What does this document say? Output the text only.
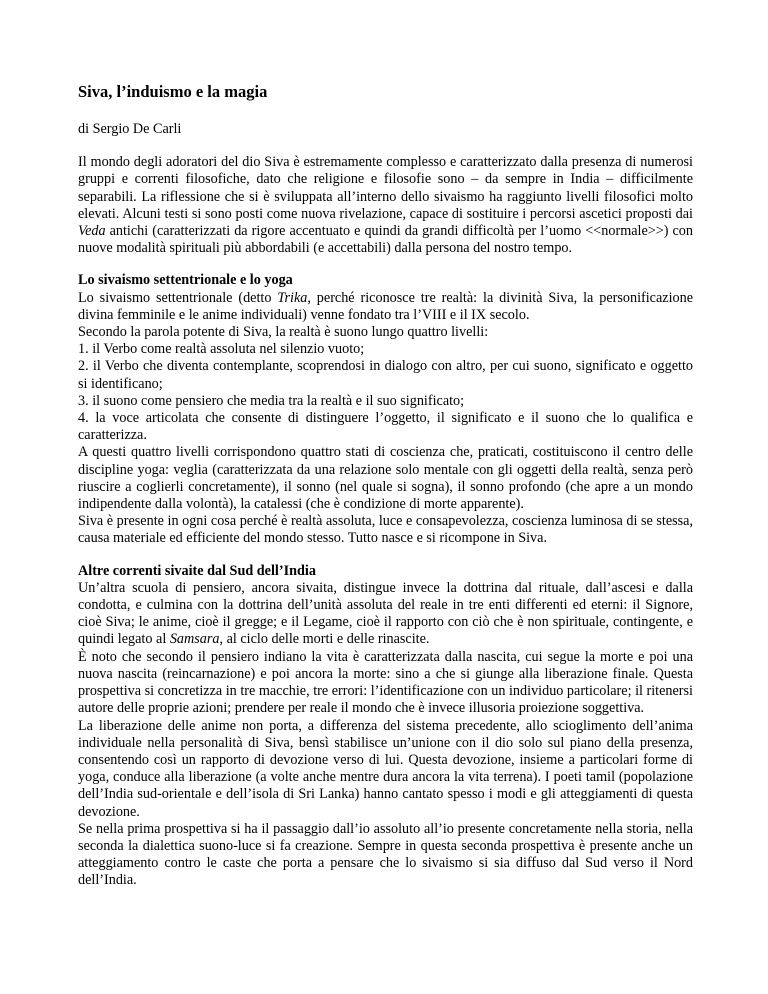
Siva, l’induismo e la magia
di Sergio De Carli

Il mondo degli adoratori del dio Siva è estremamente complesso e caratterizzato dalla presenza di numerosi gruppi e correnti filosofiche, dato che religione e filosofie sono – da sempre in India – difficilmente separabili. La riflessione che si è sviluppata all’interno dello sivaismo ha raggiunto livelli filosofici molto elevati. Alcuni testi si sono posti come nuova rivelazione, capace di sostituire i percorsi ascetici proposti dai Veda antichi (caratterizzati da rigore accentuato e quindi da grandi difficoltà per l’uomo <<normale>>) con nuove modalità spirituali più abbordabili (e accettabili) dalla persona del nostro tempo.

Lo sivaismo settentrionale e lo yoga

Lo sivaismo settentrionale (detto Trika, perché riconosce tre realtà: la divinità Siva, la personificazione divina femminile e le anime individuali) venne fondato tra l’VIII e il IX secolo.

Secondo la parola potente di Siva, la realtà è suono lungo quattro livelli:

1. il Verbo come realtà assoluta nel silenzio vuoto;

2. il Verbo che diventa contemplante, scoprendosi in dialogo con altro, per cui suono, significato e oggetto si identificano;

3. il suono come pensiero che media tra la realtà e il suo significato;

4. la voce articolata che consente di distinguere l’oggetto, il significato e il suono che lo qualifica e caratterizza.

A questi quattro livelli corrispondono quattro stati di coscienza che, praticati, costituiscono il centro delle discipline yoga: veglia (caratterizzata da una relazione solo mentale con gli oggetti della realtà, senza però riuscire a coglierli concretamente), il sonno (nel quale si sogna), il sonno profondo (che apre a un mondo indipendente dalla volontà), la catalessi (che è condizione di morte apparente).

Siva è presente in ogni cosa perché è realtà assoluta, luce e consapevolezza, coscienza luminosa di se stessa, causa materiale ed efficiente del mondo stesso. Tutto nasce e si ricompone in Siva.

Altre correnti sivaite dal Sud dell’India

Un’altra scuola di pensiero, ancora sivaita, distingue invece la dottrina dal rituale, dall’ascesi e dalla condotta, e culmina con la dottrina dell’unità assoluta del reale in tre enti differenti ed eterni: il Signore, cioè Siva; le anime, cioè il gregge; e il Legame, cioè il rapporto con ciò che è non spirituale, contingente, e quindi legato al Samsara, al ciclo delle morti e delle rinascite.

È noto che secondo il pensiero indiano la vita è caratterizzata dalla nascita, cui segue la morte e poi una nuova nascita (reincarnazione) e poi ancora la morte: sino a che si giunge alla liberazione finale. Questa prospettiva si concretizza in tre macchie, tre errori: l’identificazione con un individuo particolare; il ritenersi autore delle proprie azioni; prendere per reale il mondo che è invece illusoria proiezione soggettiva.

La liberazione delle anime non porta, a differenza del sistema precedente, allo scioglimento dell’anima individuale nella personalità di Siva, bensì stabilisce un’unione con il dio solo sul piano della presenza, consentendo così un rapporto di devozione verso di lui. Questa devozione, insieme a particolari forme di yoga, conduce alla liberazione (a volte anche mentre dura ancora la vita terrena). I poeti tamil (popolazione dell’India sud-orientale e dell’isola di Sri Lanka) hanno cantato spesso i modi e gli atteggiamenti di questa devozione.

Se nella prima prospettiva si ha il passaggio dall’io assoluto all’io presente concretamente nella storia, nella seconda la dialettica suono-luce si fa creazione. Sempre in questa seconda prospettiva è presente anche un atteggiamento contro le caste che porta a pensare che lo sivaismo si sia diffuso dal Sud verso il Nord dell’India.
